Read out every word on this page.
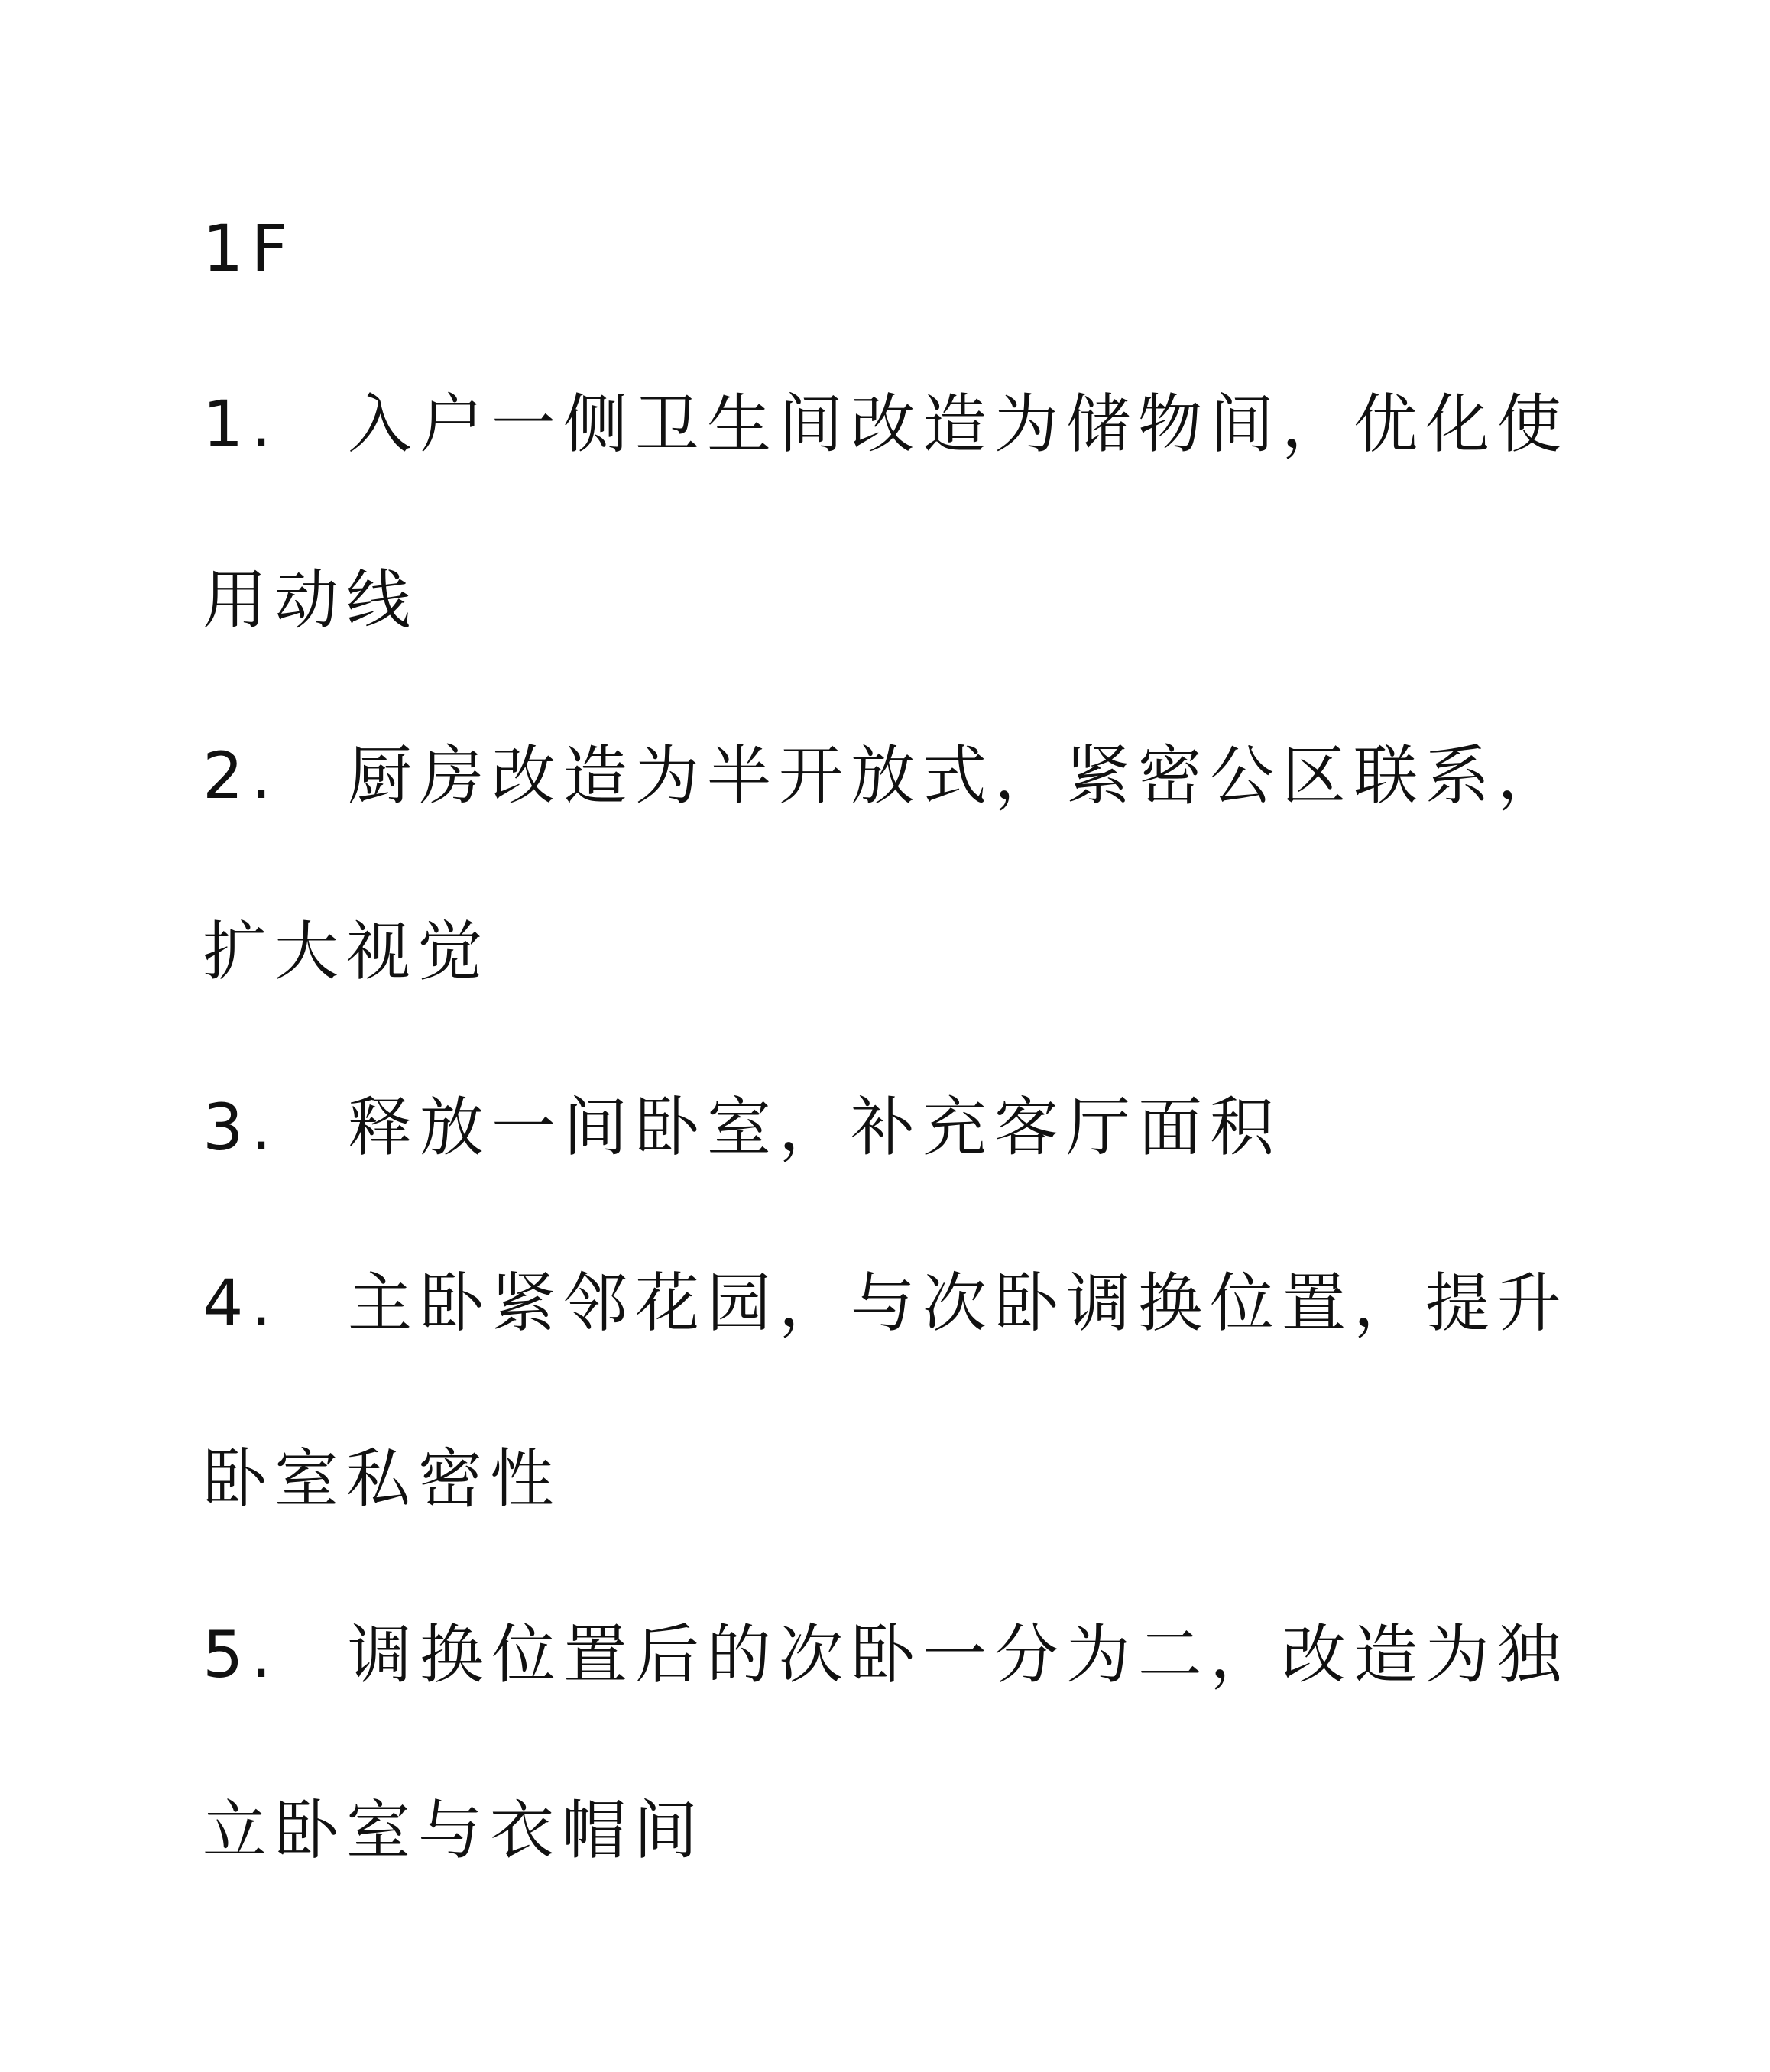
1F
1. 入户一侧卫生间改造为储物间，优化使
用动线
2. 厨房改造为半开放式，紧密公区联系，
扩大视觉
3. 释放一间卧室，补充客厅面积
4. 主卧紧邻花园，与次卧调换位置，提升
卧室私密性
5. 调换位置后的次卧一分为二，改造为独
立卧室与衣帽间
